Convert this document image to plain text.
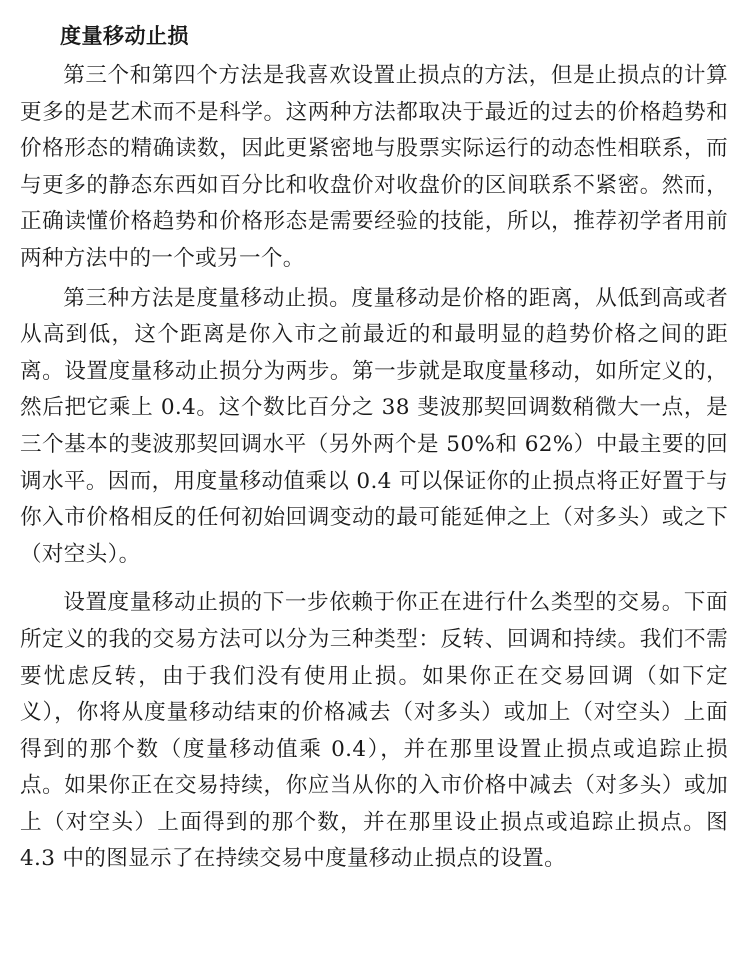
度量移动止损

第三个和第四个方法是我喜欢设置止损点的方法，但是止损点的计算更多的是艺术而不是科学。这两种方法都取决于最近的过去的价格趋势和价格形态的精确读数，因此更紧密地与股票实际运行的动态性相联系，而与更多的静态东西如百分比和收盘价对收盘价的区间联系不紧密。然而，正确读懂价格趋势和价格形态是需要经验的技能，所以，推荐初学者用前两种方法中的一个或另一个。

第三种方法是度量移动止损。度量移动是价格的距离，从低到高或者从高到低，这个距离是你入市之前最近的和最明显的趋势价格之间的距离。设置度量移动止损分为两步。第一步就是取度量移动，如所定义的，然后把它乘上 0.4。这个数比百分之 38 斐波那契回调数稍微大一点，是三个基本的斐波那契回调水平（另外两个是 50%和 62%）中最主要的回调水平。因而，用度量移动值乘以 0.4 可以保证你的止损点将正好置于与你入市价格相反的任何初始回调变动的最可能延伸之上（对多头）或之下（对空头）。

设置度量移动止损的下一步依赖于你正在进行什么类型的交易。下面所定义的我的交易方法可以分为三种类型：反转、回调和持续。我们不需要忧虑反转，由于我们没有使用止损。如果你正在交易回调（如下定义），你将从度量移动结束的价格减去（对多头）或加上（对空头）上面得到的那个数（度量移动值乘 0.4），并在那里设置止损点或追踪止损点。如果你正在交易持续，你应当从你的入市价格中减去（对多头）或加上（对空头）上面得到的那个数，并在那里设止损点或追踪止损点。图 4.3 中的图显示了在持续交易中度量移动止损点的设置。
